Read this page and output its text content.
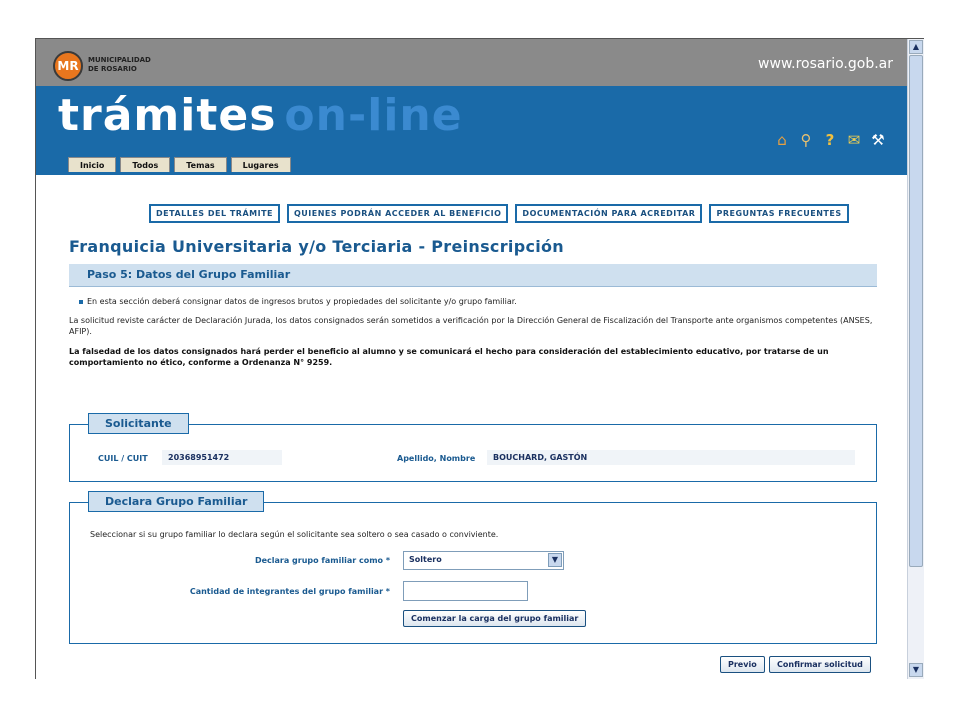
MR	MUNICIPALIDAD
DE ROSARIO	www.rosario.gob.ar
trámites on-line	⌂ ⚲ ? ✉ ⚒
Inicio	Todos	Temas	Lugares
DETALLES DEL TRÁMITE	QUIENES PODRÁN ACCEDER AL BENEFICIO	DOCUMENTACIÓN PARA ACREDITAR	PREGUNTAS FRECUENTES
Franquicia Universitaria y/o Terciaria - Preinscripción
Paso 5: Datos del Grupo Familiar
En esta sección deberá consignar datos de ingresos brutos y propiedades del solicitante y/o grupo familiar.
La solicitud reviste carácter de Declaración Jurada, los datos consignados serán sometidos a verificación por la Dirección General de Fiscalización del Transporte ante organismos competentes (ANSES, AFIP).
La falsedad de los datos consignados hará perder el beneficio al alumno y se comunicará el hecho para consideración del establecimiento educativo, por tratarse de un comportamiento no ético, conforme a Ordenanza N° 9259.
Solicitante
CUIL / CUIT	20368951472	Apellido, Nombre	BOUCHARD, GASTÓN
Declara Grupo Familiar
Seleccionar si su grupo familiar lo declara según el solicitante sea soltero o sea casado o conviviente.
Declara grupo familiar como *	Soltero	▼
Cantidad de integrantes del grupo familiar *
Comenzar la carga del grupo familiar
Previo	Confirmar solicitud
▲
▼
